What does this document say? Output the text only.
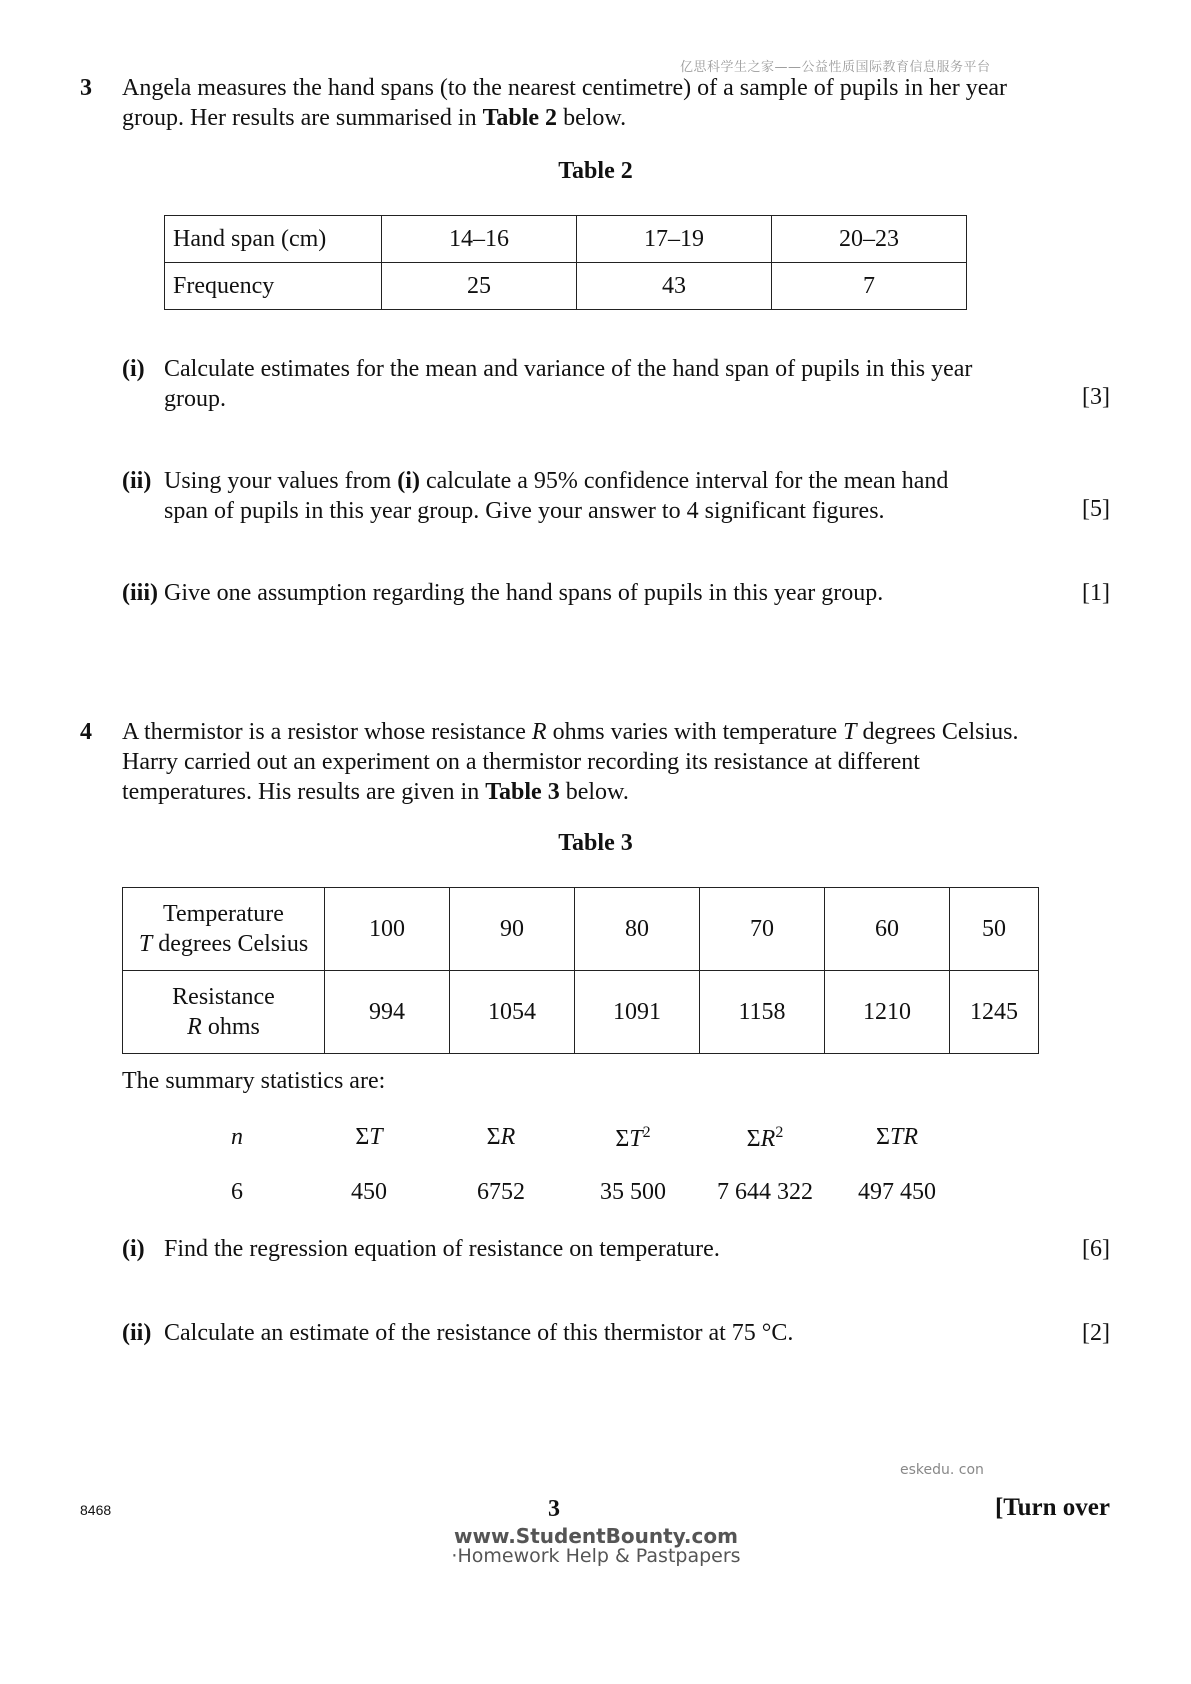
亿思科学生之家——公益性质国际教育信息服务平台
3 Angela measures the hand spans (to the nearest centimetre) of a sample of pupils in her year
group. Her results are summarised in Table 2 below.
Table 2
Hand span (cm)	14–16	17–19	20–23
Frequency	25	43	7
(i) Calculate estimates for the mean and variance of the hand span of pupils in this year
group.	[3]
(ii) Using your values from (i) calculate a 95% confidence interval for the mean hand
span of pupils in this year group. Give your answer to 4 significant figures.	[5]
(iii) Give one assumption regarding the hand spans of pupils in this year group.	[1]
4 A thermistor is a resistor whose resistance R ohms varies with temperature T degrees Celsius.
Harry carried out an experiment on a thermistor recording its resistance at different
temperatures. His results are given in Table 3 below.
Table 3
Temperature
T degrees Celsius	100	90	80	70	60	50

Resistance
R ohms	994	1054	1091	1158	1210	1245
The summary statistics are:
n	ΣT	ΣR	$\Sigma T^2$	$\Sigma R^2$	ΣTR
6	450	6752	35 500	7 644 322	497 450
(i) Find the regression equation of resistance on temperature.	[6]
(ii) Calculate an estimate of the resistance of this thermistor at 75 °C.	[2]
eskedu. con
8468	3	[Turn over
www.StudentBounty.com
·Homework Help & Pastpapers
